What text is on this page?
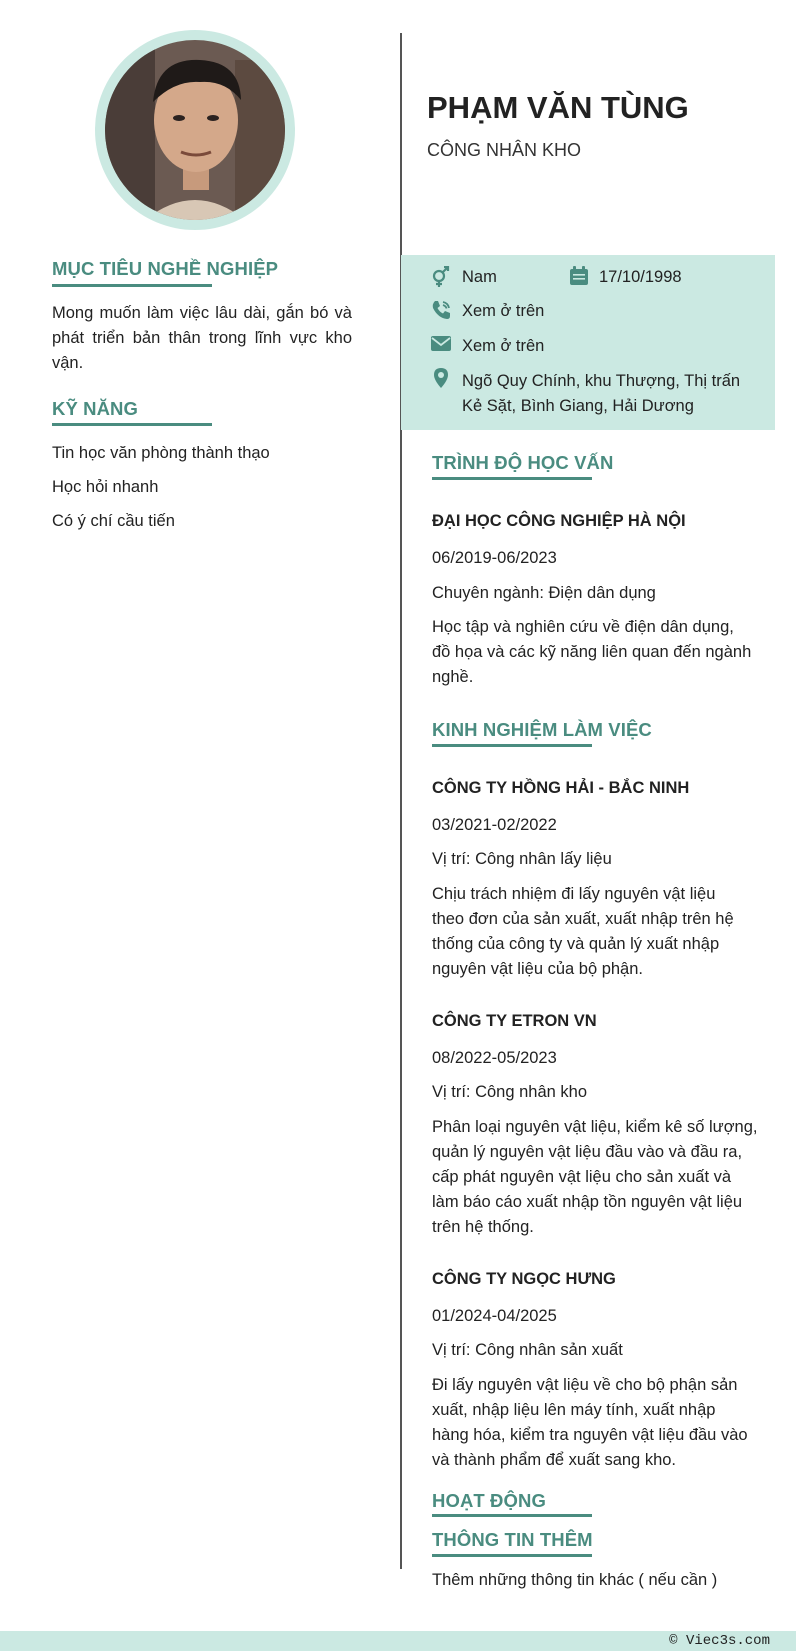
MỤC TIÊU NGHỀ NGHIỆP
Mong muốn làm việc lâu dài, gắn bó và phát triển bản thân trong lĩnh vực kho vận.
KỸ NĂNG
Tin học văn phòng thành thạo
Học hỏi nhanh
Có ý chí cầu tiến
PHẠM VĂN TÙNG
CÔNG NHÂN KHO
Nam	17/10/1998
Xem ở trên
Xem ở trên
Ngõ Quy Chính, khu Thượng, Thị trấn Kẻ Sặt, Bình Giang, Hải Dương
TRÌNH ĐỘ HỌC VẤN
ĐẠI HỌC CÔNG NGHIỆP HÀ NỘI
06/2019-06/2023
Chuyên ngành: Điện dân dụng
Học tập và nghiên cứu về điện dân dụng, đồ họa và các kỹ năng liên quan đến ngành nghề.
KINH NGHIỆM LÀM VIỆC
CÔNG TY HỒNG HẢI - BẮC NINH
03/2021-02/2022
Vị trí: Công nhân lấy liệu
Chịu trách nhiệm đi lấy nguyên vật liệu theo đơn của sản xuất, xuất nhập trên hệ thống của công ty và quản lý xuất nhập nguyên vật liệu của bộ phận.
CÔNG TY ETRON VN
08/2022-05/2023
Vị trí: Công nhân kho
Phân loại nguyên vật liệu, kiểm kê số lượng, quản lý nguyên vật liệu đầu vào và đầu ra, cấp phát nguyên vật liệu cho sản xuất và làm báo cáo xuất nhập tồn nguyên vật liệu trên hệ thống.
CÔNG TY NGỌC HƯNG
01/2024-04/2025
Vị trí: Công nhân sản xuất
Đi lấy nguyên vật liệu về cho bộ phận sản xuất, nhập liệu lên máy tính, xuất nhập hàng hóa, kiểm tra nguyên vật liệu đầu vào và thành phẩm để xuất sang kho.
HOẠT ĐỘNG
THÔNG TIN THÊM
Thêm những thông tin khác ( nếu cần )
© Viec3s.com
